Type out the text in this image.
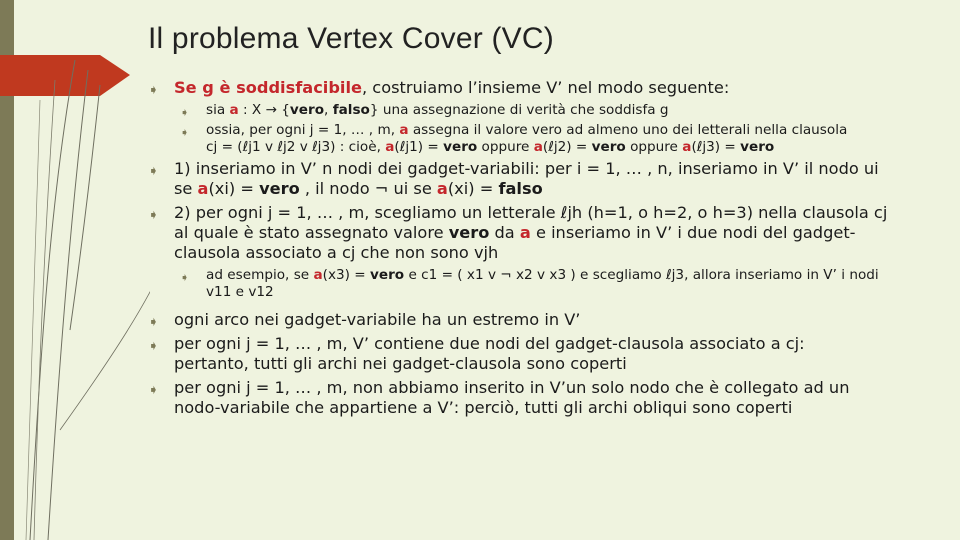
Il problema Vertex Cover (VC)
➧ Se g è soddisfacibile, costruiamo l’insieme V’ nel modo seguente:
➧ sia a : X → {vero, falso} una assegnazione di verità che soddisfa g
➧ ossia, per ogni j = 1, … , m, a assegna il valore vero ad almeno uno dei letterali nella clausola
cj = (ℓj1 v ℓj2 v ℓj3) : cioè, a(ℓj1) = vero oppure a(ℓj2) = vero oppure a(ℓj3) = vero
➧ 1) inseriamo in V’ n nodi dei gadget-variabili: per i = 1, … , n, inseriamo in V’ il nodo ui
se a(xi) = vero , il nodo ¬ ui se a(xi) = falso
➧ 2) per ogni j = 1, … , m, scegliamo un letterale ℓjh (h=1, o h=2, o h=3) nella clausola cj
al quale è stato assegnato valore vero da a e inseriamo in V’ i due nodi del gadget-
clausola associato a cj che non sono vjh
➧ ad esempio, se a(x3) = vero e c1 = ( x1 v ¬ x2 v x3 ) e scegliamo ℓj3, allora inseriamo in V’ i nodi
v11 e v12
➧ ogni arco nei gadget-variabile ha un estremo in V’
➧ per ogni j = 1, … , m, V’ contiene due nodi del gadget-clausola associato a cj:
pertanto, tutti gli archi nei gadget-clausola sono coperti
➧ per ogni j = 1, … , m, non abbiamo inserito in V’un solo nodo che è collegato ad un
nodo-variabile che appartiene a V’: perciò, tutti gli archi obliqui sono coperti
